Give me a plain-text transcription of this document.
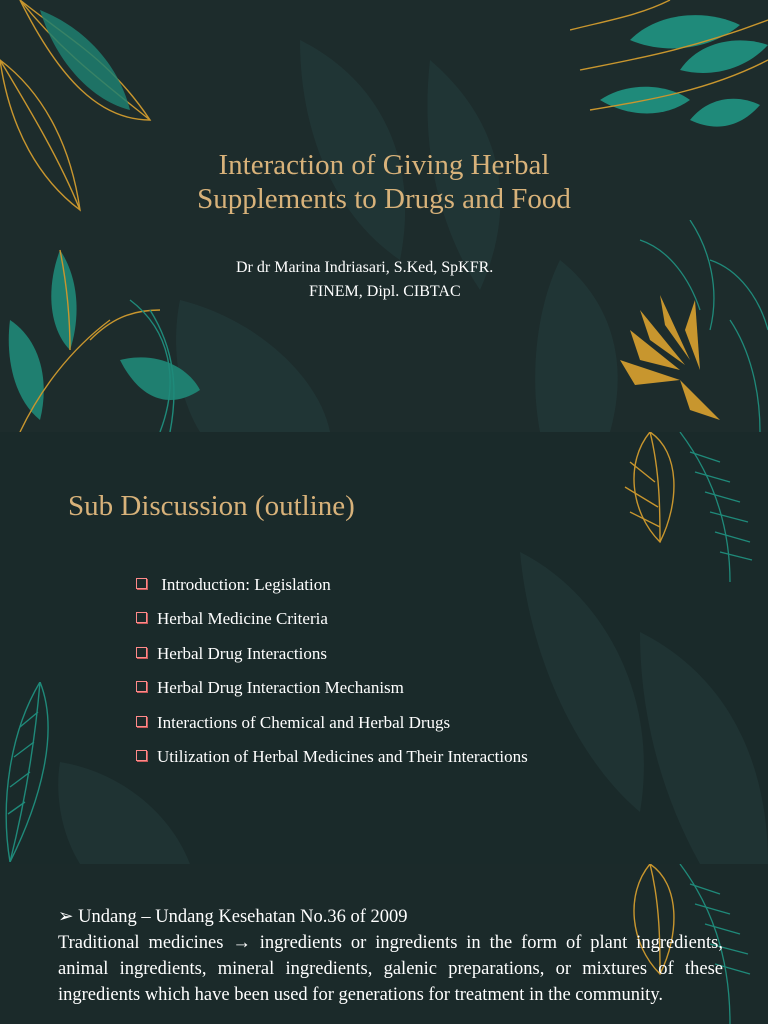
Interaction of Giving Herbal
Supplements to Drugs and Food
Dr dr Marina Indriasari, S.Ked, SpKFR.
FINEM, Dipl. CIBTAC
Sub Discussion (outline)
Introduction: Legislation
Herbal Medicine Criteria
Herbal Drug Interactions
Herbal Drug Interaction Mechanism
Interactions of Chemical and Herbal Drugs
Utilization of Herbal Medicines and Their Interactions
➢ Undang – Undang Kesehatan No.36 of 2009
Traditional medicines → ingredients or ingredients in the form of plant ingredients, animal ingredients, mineral ingredients, galenic preparations, or mixtures of these ingredients which have been used for generations for treatment in the community.
